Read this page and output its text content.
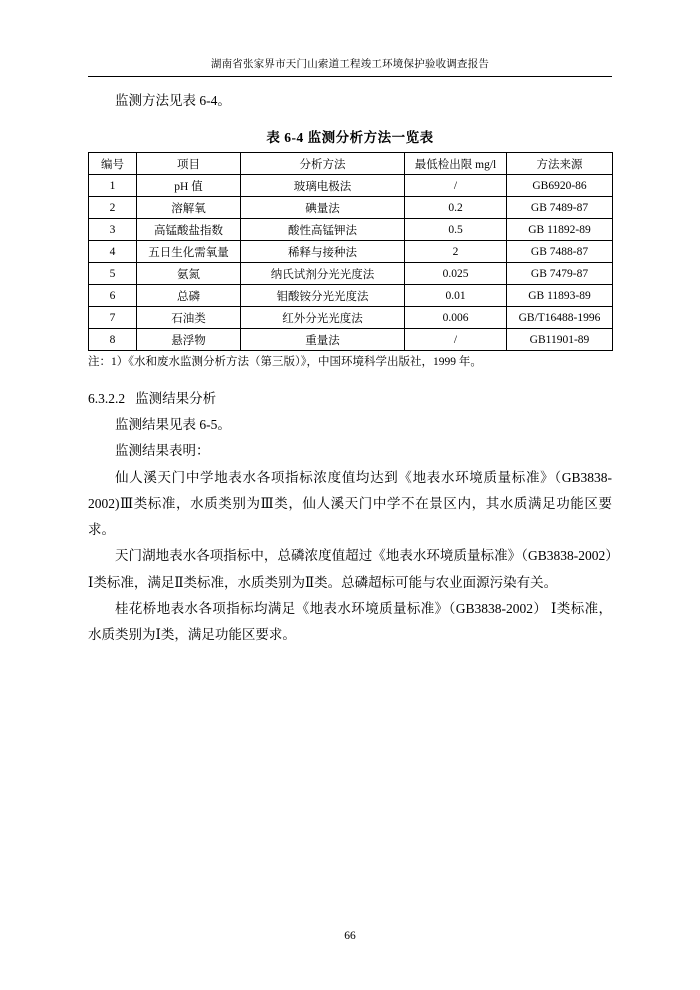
湖南省张家界市天门山索道工程竣工环境保护验收调查报告

监测方法见表 6-4。

表 6-4 监测分析方法一览表
编号	项目	分析方法	最低检出限 mg/l	方法来源
1	pH 值	玻璃电极法	/	GB6920-86
2	溶解氧	碘量法	0.2	GB 7489-87
3	高锰酸盐指数	酸性高锰钾法	0.5	GB 11892-89
4	五日生化需氧量	稀释与接种法	2	GB 7488-87
5	氨氮	纳氏试剂分光光度法	0.025	GB 7479-87
6	总磷	钼酸铵分光光度法	0.01	GB 11893-89
7	石油类	红外分光光度法	0.006	GB/T16488-1996
8	悬浮物	重量法	/	GB11901-89
注：1）《水和废水监测分析方法（第三版）》，中国环境科学出版社，1999 年。
6.3.2.2 监测结果分析

监测结果见表 6-5。

监测结果表明：

仙人溪天门中学地表水各项指标浓度值均达到《地表水环境质量标准》（GB3838-2002)Ⅲ类标准，水质类别为Ⅲ类，仙人溪天门中学不在景区内，其水质满足功能区要求。

天门湖地表水各项指标中，总磷浓度值超过《地表水环境质量标准》（GB3838-2002）Ⅰ类标准，满足Ⅱ类标准，水质类别为Ⅱ类。总磷超标可能与农业面源污染有关。

桂花桥地表水各项指标均满足《地表水环境质量标准》（GB3838-2002） Ⅰ类标准，水质类别为Ⅰ类，满足功能区要求。

66
